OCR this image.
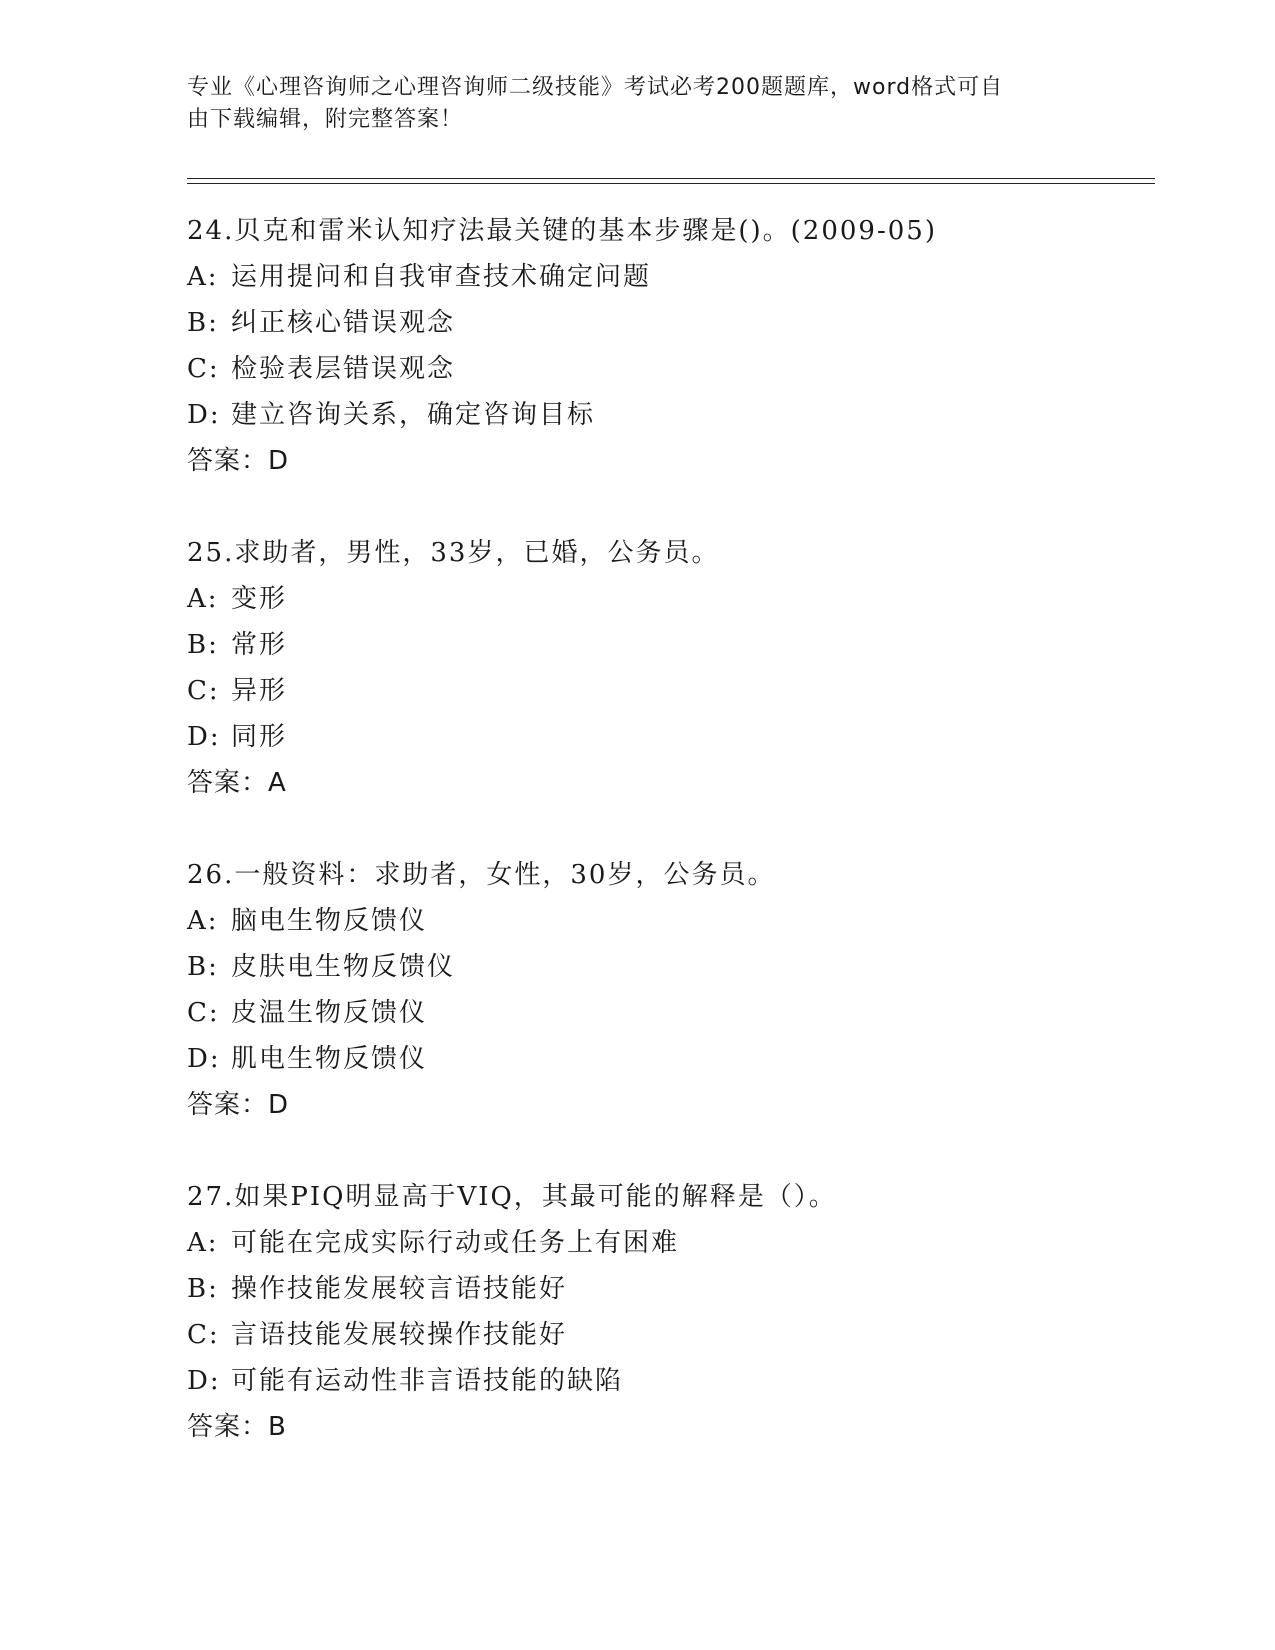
专业《心理咨询师之心理咨询师二级技能》考试必考200题题库，word格式可自
由下载编辑，附完整答案！
24.贝克和雷米认知疗法最关键的基本步骤是()。(2009-05)
A: 运用提问和自我审查技术确定问题
B: 纠正核心错误观念
C: 检验表层错误观念
D: 建立咨询关系，确定咨询目标
答案：D
25.求助者，男性，33岁，已婚，公务员。
A: 变形
B: 常形
C: 异形
D: 同形
答案：A
26.一般资料：求助者，女性，30岁，公务员。
A: 脑电生物反馈仪
B: 皮肤电生物反馈仪
C: 皮温生物反馈仪
D: 肌电生物反馈仪
答案：D
27.如果PIQ明显高于VIQ，其最可能的解释是（）。
A: 可能在完成实际行动或任务上有困难
B: 操作技能发展较言语技能好
C: 言语技能发展较操作技能好
D: 可能有运动性非言语技能的缺陷
答案：B
